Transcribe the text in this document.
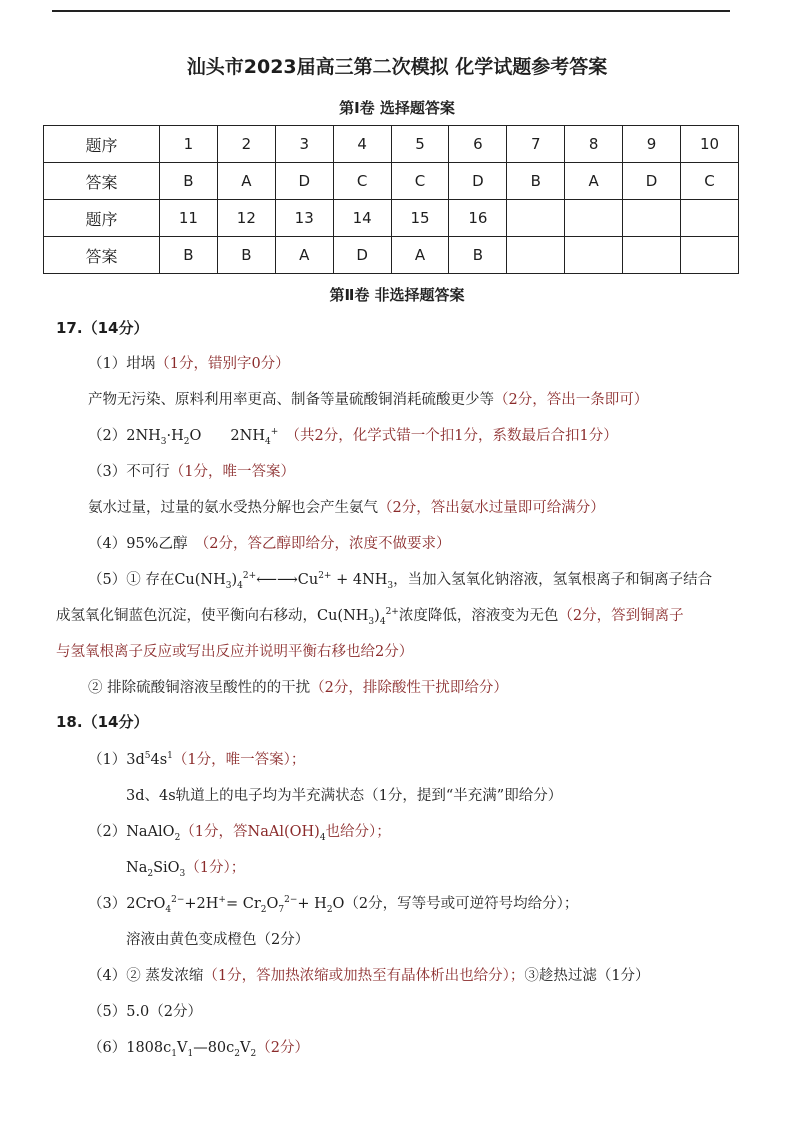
汕头市2023届高三第二次模拟 化学试题参考答案
第Ⅰ卷 选择题答案
题序	1	2	3	4	5	6	7	8	9	10
答案	B	A	D	C	C	D	B	A	D	C
题序	11	12	13	14	15	16				
答案	B	B	A	D	A	B				
第Ⅱ卷 非选择题答案
17.（14分）
（1）坩埚（1分，错别字0分）
产物无污染、原料利用率更高、制备等量硫酸铜消耗硫酸更少等（2分，答出一条即可）
$(2)2NH_3\cdot H_2O$　　$2NH_4^+$　 （共2分，化学式错一个扣1分，系数最后合扣1分）
（3）不可行（1分，唯一答案）
氨水过量，过量的氨水受热分解也会产生氨气（2分，答出氨水过量即可给满分）
（4）95%乙醇　 （2分，答乙醇即给分，浓度不做要求）
（5）① 存在$Cu(NH_3)_4^{2+}⟵⟶Cu^{2+} + 4NH_3$，当加入氢氧化钠溶液，氢氧根离子和铜离子结合
成氢氧化铜蓝色沉淀，使平衡向右移动，$Cu(NH_3)_4^{2+}$浓度降低，溶液变为无色（2分，答到铜离子
与氢氧根离子反应或写出反应并说明平衡右移也给2分）
② 排除硫酸铜溶液呈酸性的的干扰（2分，排除酸性干扰即给分）
18.（14分）
$(1)3d^54s^1(1$分，唯一答案）；
3d、4s轨道上的电子均为半充满状态（1分，提到“半充满”即给分）
（2）NaAlO$_2$（1分，答$NaAl(OH)_4$也给分）；
$Na_2SiO_3(1$分）；
$(3)2CrO_4^{2-}+2H^+= Cr_2O_7^{2-}+ H_2O(2$分，写等号或可逆符号均给分）；
溶液由黄色变成橙色（2分）
（4）② 蒸发浓缩（1分，答加热浓缩或加热至有晶体析出也给分）；③趁热过滤（1分）
（5）5.0（2分）
$(6)1808c_1V_1—80c_2V_2(2$分）
